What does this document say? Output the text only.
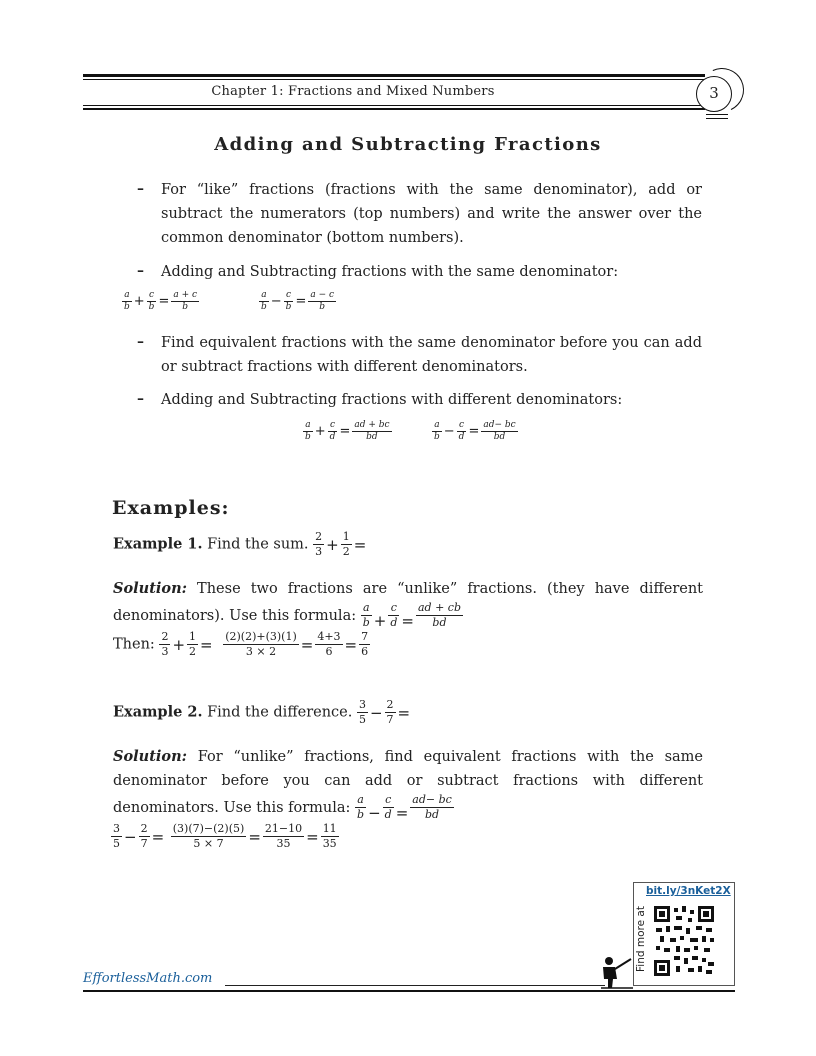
Chapter 1: Fractions and Mixed Numbers	3
Adding and Subtracting Fractions
– For “like” fractions (fractions with the same denominator), add or subtract the numerators (top numbers) and write the answer over the common denominator (bottom numbers).
– Adding and Subtracting fractions with the same denominator:
$\frac{a}{b} + \frac{c}{b} = \frac{a + c}{b}$	$\frac{a}{b} - \frac{c}{b} = \frac{a - c}{b}$
– Find equivalent fractions with the same denominator before you can add or subtract fractions with different denominators.
– Adding and Subtracting fractions with different denominators:
$\frac{a}{b} + \frac{c}{d} = \frac{ad + bc}{bd}$	$\frac{a}{b} - \frac{c}{d} = \frac{ad- bc}{bd}$
Examples:
Example 1. Find the sum. $\frac{2}{3} + \frac{1}{2}$ =
Solution: These two fractions are “unlike” fractions. (they have different denominators). Use this formula: $\frac{a}{b} + \frac{c}{d} = \frac{ad + cb}{bd}$
Then: $\frac{2}{3} + \frac{1}{2} = \frac{(2)(2)+(3)(1)}{3 \times 2} = \frac{4+3}{6} = \frac{7}{6}$
Example 2. Find the difference. $\frac{3}{5} - \frac{2}{7}$ =
Solution: For “unlike” fractions, find equivalent fractions with the same denominator before you can add or subtract fractions with different denominators. Use this formula: $\frac{a}{b} - \frac{c}{d} = \frac{ad- bc}{bd}$
$\frac{3}{5} - \frac{2}{7} = \frac{(3)(7)-(2)(5)}{5 \times 7} = \frac{21-10}{35} = \frac{11}{35}$
EffortlessMath.com
bit.ly/3nKet2X
Find more at
